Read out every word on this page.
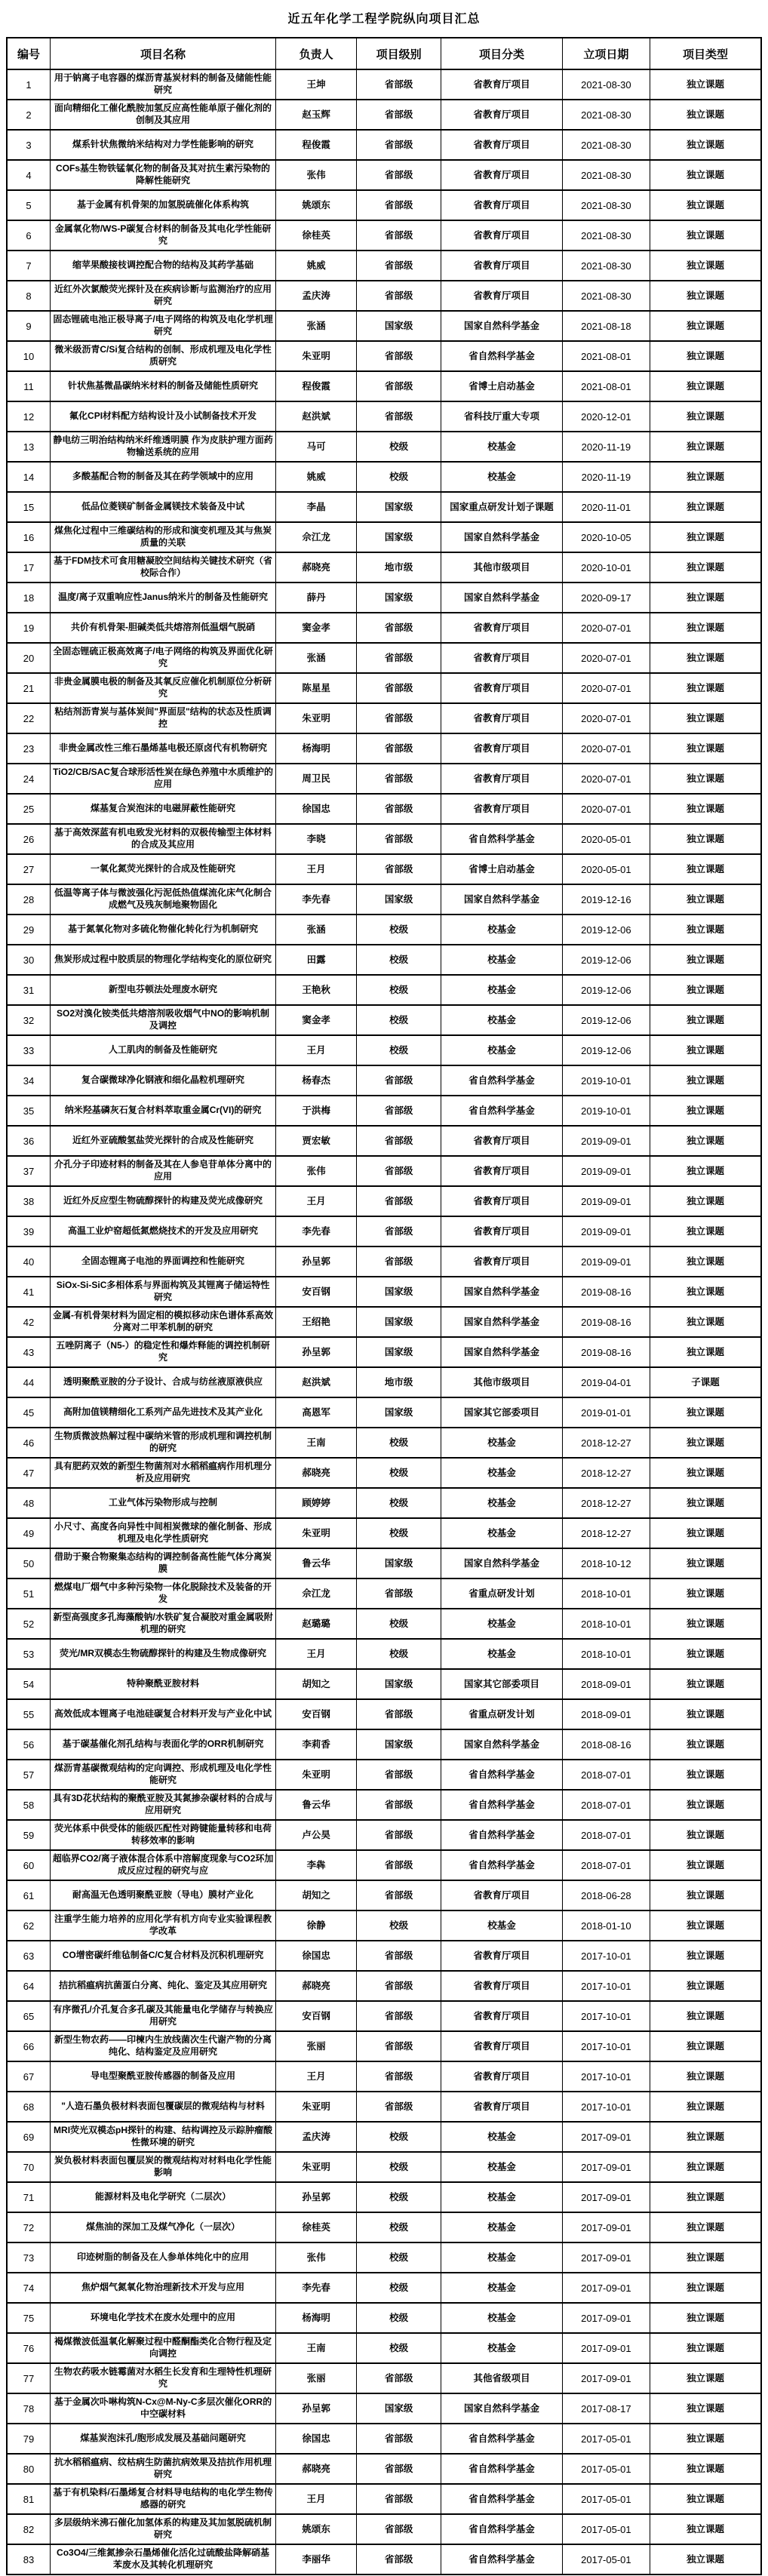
近五年化学工程学院纵向项目汇总
编号	项目名称	负责人	项目级别	项目分类	立项日期	项目类型
1	用于钠离子电容器的煤沥青基炭材料的制备及储能性能研究	王坤	省部级	省教育厅项目	2021-08-30	独立课题
2	面向精细化工催化酰胺加氢反应高性能单原子催化剂的创制及其应用	赵玉辉	省部级	省教育厅项目	2021-08-30	独立课题
3	煤系针状焦微纳米结构对力学性能影响的研究	程俊霞	省部级	省教育厅项目	2021-08-30	独立课题
4	COFs基生物铁锰氧化物的制备及其对抗生素污染物的降解性能研究	张伟	省部级	省教育厅项目	2021-08-30	独立课题
5	基于金属有机骨架的加氢脱硫催化体系构筑	姚颂东	省部级	省教育厅项目	2021-08-30	独立课题
6	金属氧化物/WS-P碳复合材料的制备及其电化学性能研究	徐桂英	省部级	省教育厅项目	2021-08-30	独立课题
7	缩苹果酸接枝调控配合物的结构及其药学基础	姚威	省部级	省教育厅项目	2021-08-30	独立课题
8	近红外次氯酸荧光探针及在疾病诊断与监测治疗的应用研究	孟庆涛	省部级	省教育厅项目	2021-08-30	独立课题
9	固态锂硫电池正极导离子/电子网络的构筑及电化学机理研究	张涵	国家级	国家自然科学基金	2021-08-18	独立课题
10	微米级沥青C/Si复合结构的创制、形成机理及电化学性质研究	朱亚明	省部级	省自然科学基金	2021-08-01	独立课题
11	针状焦基微晶碳纳米材料的制备及储能性质研究	程俊霞	省部级	省博士启动基金	2021-08-01	独立课题
12	氟化CPI材料配方结构设计及小试制备技术开发	赵洪斌	省部级	省科技厅重大专项	2020-12-01	独立课题
13	静电纺三明治结构纳米纤维透明膜 作为皮肤护理方面药物输送系统的应用	马可	校级	校基金	2020-11-19	独立课题
14	多酸基配合物的制备及其在药学领域中的应用	姚威	校级	校基金	2020-11-19	独立课题
15	低品位菱镁矿制备金属镁技术装备及中试	李晶	国家级	国家重点研发计划子课题	2020-11-01	独立课题
16	煤焦化过程中三维碳结构的形成和演变机理及其与焦炭质量的关联	佘江龙	国家级	国家自然科学基金	2020-10-05	独立课题
17	基于FDM技术可食用糖凝胶空间结构关键技术研究（省校际合作）	郝晓亮	地市级	其他市级项目	2020-10-01	独立课题
18	温度/离子双重响应性Janus纳米片的制备及性能研究	薛丹	国家级	国家自然科学基金	2020-09-17	独立课题
19	共价有机骨架-胆碱类低共熔溶剂低温烟气脱硝	窦金孝	省部级	省教育厅项目	2020-07-01	独立课题
20	全固态锂硫正极高效离子/电子网络的构筑及界面优化研究	张涵	省部级	省教育厅项目	2020-07-01	独立课题
21	非贵金属膜电极的制备及其氧反应催化机制原位分析研究	陈星星	省部级	省教育厅项目	2020-07-01	独立课题
22	粘结剂沥青炭与基体炭间"界面层"结构的状态及性质调控	朱亚明	省部级	省教育厅项目	2020-07-01	独立课题
23	非贵金属改性三维石墨烯基电极还原卤代有机物研究	杨海明	省部级	省教育厅项目	2020-07-01	独立课题
24	TiO2/CB/SAC复合球形活性炭在绿色养殖中水质维护的应用	周卫民	省部级	省教育厅项目	2020-07-01	独立课题
25	煤基复合炭泡沫的电磁屏蔽性能研究	徐国忠	省部级	省教育厅项目	2020-07-01	独立课题
26	基于高效深蓝有机电致发光材料的双极传输型主体材料的合成及其应用	李晓	省部级	省自然科学基金	2020-05-01	独立课题
27	一氧化氮荧光探针的合成及性能研究	王月	省部级	省博士启动基金	2020-05-01	独立课题
28	低温等离子体与微波强化污泥低热值煤流化床气化制合成燃气及残灰制地聚物固化	李先春	国家级	国家自然科学基金	2019-12-16	独立课题
29	基于氮氧化物对多硫化物催化转化行为机制研究	张涵	校级	校基金	2019-12-06	独立课题
30	焦炭形成过程中胶质层的物理化学结构变化的原位研究	田露	校级	校基金	2019-12-06	独立课题
31	新型电芬顿法处理废水研究	王艳秋	校级	校基金	2019-12-06	独立课题
32	SO2对溴化铵类低共熔溶剂吸收烟气中NO的影响机制及调控	窦金孝	校级	校基金	2019-12-06	独立课题
33	人工肌肉的制备及性能研究	王月	校级	校基金	2019-12-06	独立课题
34	复合碳微球净化钢液和细化晶粒机理研究	杨春杰	省部级	省自然科学基金	2019-10-01	独立课题
35	纳米羟基磷灰石复合材料萃取重金属Cr(VI)的研究	于洪梅	省部级	省自然科学基金	2019-10-01	独立课题
36	近红外亚硫酸氢盐荧光探针的合成及性能研究	贾宏敏	省部级	省教育厅项目	2019-09-01	独立课题
37	介孔分子印迹材料的制备及其在人参皂苷单体分离中的应用	张伟	省部级	省教育厅项目	2019-09-01	独立课题
38	近红外反应型生物硫醇探针的构建及荧光成像研究	王月	省部级	省教育厅项目	2019-09-01	独立课题
39	高温工业炉窑超低氮燃烧技术的开发及应用研究	李先春	省部级	省教育厅项目	2019-09-01	独立课题
40	全固态锂离子电池的界面调控和性能研究	孙呈郭	省部级	省教育厅项目	2019-09-01	独立课题
41	SiOx-Si-SiC多相体系与界面构筑及其锂离子储运特性研究	安百钢	国家级	国家自然科学基金	2019-08-16	独立课题
42	金属-有机骨架材料为固定相的模拟移动床色谱体系高效分离对二甲苯机制的研究	王绍艳	国家级	国家自然科学基金	2019-08-16	独立课题
43	五唑阴离子（N5-）的稳定性和爆炸释能的调控机制研究	孙呈郭	国家级	国家自然科学基金	2019-08-16	独立课题
44	透明聚酰亚胺的分子设计、合成与纺丝液原液供应	赵洪斌	地市级	其他市级项目	2019-04-01	子课题
45	高附加值镁精细化工系列产品先进技术及其产业化	高恩军	国家级	国家其它部委项目	2019-01-01	独立课题
46	生物质微波热解过程中碳纳米管的形成机理和调控机制的研究	王南	校级	校基金	2018-12-27	独立课题
47	具有肥药双效的新型生物菌剂对水稻稻瘟病作用机理分析及应用研究	郝晓亮	校级	校基金	2018-12-27	独立课题
48	工业气体污染物形成与控制	顾婷婷	校级	校基金	2018-12-27	独立课题
49	小尺寸、高度各向异性中间相炭微球的催化制备、形成机理及电化学性质研究	朱亚明	校级	校基金	2018-12-27	独立课题
50	借助于聚合物聚集态结构的调控制备高性能气体分离炭膜	鲁云华	国家级	国家自然科学基金	2018-10-12	独立课题
51	燃煤电厂烟气中多种污染物一体化脱除技术及装备的开发	佘江龙	省部级	省重点研发计划	2018-10-01	独立课题
52	新型高强度多孔海藻酸钠/水铁矿复合凝胶对重金属吸附机理的研究	赵璐璐	校级	校基金	2018-10-01	独立课题
53	荧光/MR双模态生物硫醇探针的构建及生物成像研究	王月	校级	校基金	2018-10-01	独立课题
54	特种聚酰亚胺材料	胡知之	国家级	国家其它部委项目	2018-09-01	独立课题
55	高效低成本锂离子电池硅碳复合材料开发与产业化中试	安百钢	省部级	省重点研发计划	2018-09-01	独立课题
56	基于碳基催化剂孔结构与表面化学的ORR机制研究	李莉香	国家级	国家自然科学基金	2018-08-16	独立课题
57	煤沥青基碳微观结构的定向调控、形成机理及电化学性能研究	朱亚明	省部级	省自然科学基金	2018-07-01	独立课题
58	具有3D花状结构的聚酰亚胺及其氮掺杂碳材料的合成与应用研究	鲁云华	省部级	省自然科学基金	2018-07-01	独立课题
59	荧光体系中供受体的能级匹配性对跨键能量转移和电荷转移效率的影响	卢公昊	省部级	省自然科学基金	2018-07-01	独立课题
60	超临界CO2/离子液体混合体系中溶解度现象与CO2环加成反应过程的研究与应	李犇	省部级	省自然科学基金	2018-07-01	独立课题
61	耐高温无色透明聚酰亚胺（导电）膜材产业化	胡知之	省部级	省教育厅项目	2018-06-28	独立课题
62	注重学生能力培养的应用化学有机方向专业实验课程教学改革	徐静	校级	校基金	2018-01-10	独立课题
63	CO增密碳纤维毡制备C/C复合材料及沉积机理研究	徐国忠	省部级	省教育厅项目	2017-10-01	独立课题
64	拮抗稻瘟病抗菌蛋白分离、纯化、鉴定及其应用研究	郝晓亮	省部级	省教育厅项目	2017-10-01	独立课题
65	有序微孔/介孔复合多孔碳及其能量电化学储存与转换应用研究	安百钢	省部级	省教育厅项目	2017-10-01	独立课题
66	新型生物农药——印楝内生放线菌次生代谢产物的分离纯化、结构鉴定及应用研究	张丽	省部级	省教育厅项目	2017-10-01	独立课题
67	导电型聚酰亚胺传感器的制备及应用	王月	省部级	省教育厅项目	2017-10-01	独立课题
68	"人造石墨负极材料表面包覆碳层的微观结构与材料	朱亚明	省部级	省教育厅项目	2017-10-01	独立课题
69	MRI荧光双模态pH探针的构建、结构调控及示踪肿瘤酸性微环境的研究	孟庆涛	校级	校基金	2017-09-01	独立课题
70	炭负极材料表面包覆层炭的微观结构对材料电化学性能影响	朱亚明	校级	校基金	2017-09-01	独立课题
71	能源材料及电化学研究（二层次）	孙呈郭	校级	校基金	2017-09-01	独立课题
72	煤焦油的深加工及煤气净化（一层次）	徐桂英	校级	校基金	2017-09-01	独立课题
73	印迹树脂的制备及在人参单体纯化中的应用	张伟	校级	校基金	2017-09-01	独立课题
74	焦炉烟气氮氧化物治理新技术开发与应用	李先春	校级	校基金	2017-09-01	独立课题
75	环境电化学技术在废水处理中的应用	杨海明	校级	校基金	2017-09-01	独立课题
76	褐煤微波低温氧化解聚过程中醛酮酯类化合物行程及定向调控	王南	校级	校基金	2017-09-01	独立课题
77	生物农药吸水链霉菌对水稻生长发育和生理特性机理研究	张丽	省部级	其他省级项目	2017-09-01	独立课题
78	基于金属次卟啉构筑N-Cx@M-Ny-C多层次催化ORR的中空碳材料	孙呈郭	国家级	国家自然科学基金	2017-08-17	独立课题
79	煤基炭泡沫孔/胞形成发展及基础问题研究	徐国忠	省部级	省自然科学基金	2017-05-01	独立课题
80	抗水稻稻瘟病、纹枯病生防菌抗病效果及拮抗作用机理研究	郝晓亮	省部级	省自然科学基金	2017-05-01	独立课题
81	基于有机染料/石墨烯复合材料导电结构的电化学生物传感器的研究	王月	省部级	省自然科学基金	2017-05-01	独立课题
82	多层级纳米沸石催化加氢体系的构建及其加氢脱硫机制研究	姚颂东	省部级	省自然科学基金	2017-05-01	独立课题
83	Co3O4/三维氮掺杂石墨烯催化活化过硫酸盐降解硝基苯废水及其转化机理研究	李丽华	省部级	省自然科学基金	2017-05-01	独立课题
